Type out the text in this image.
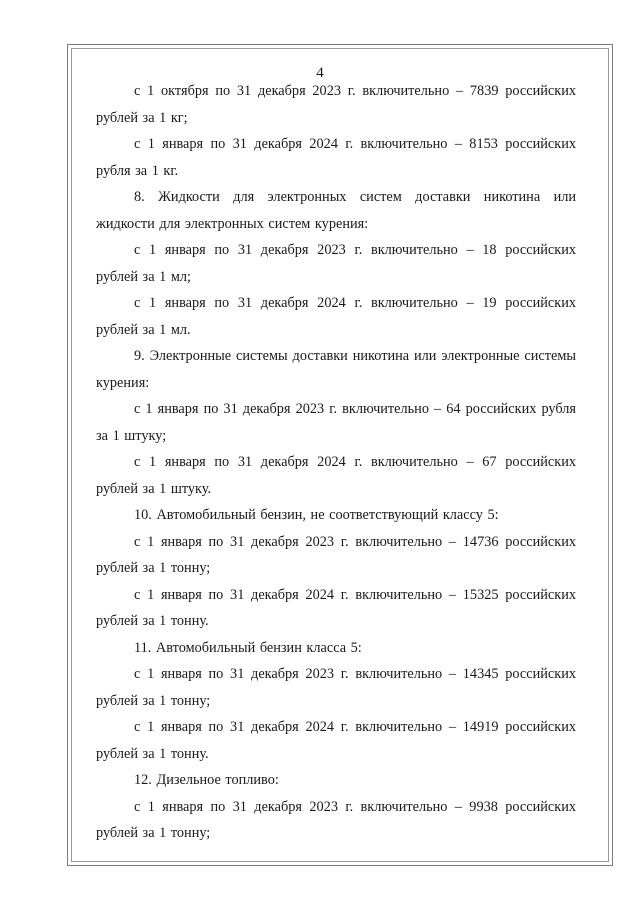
4

с 1 октября по 31 декабря 2023 г. включительно – 7839 российских рублей за 1 кг;

с 1 января по 31 декабря 2024 г. включительно – 8153 российских рубля за 1 кг.

8. Жидкости для электронных систем доставки никотина или жидкости для электронных систем курения:

с 1 января по 31 декабря 2023 г. включительно – 18 российских рублей за 1 мл;

с 1 января по 31 декабря 2024 г. включительно – 19 российских рублей за 1 мл.

9. Электронные системы доставки никотина или электронные системы курения:

с 1 января по 31 декабря 2023 г. включительно – 64 российских рубля за 1 штуку;

с 1 января по 31 декабря 2024 г. включительно – 67 российских рублей за 1 штуку.

10. Автомобильный бензин, не соответствующий классу 5:

с 1 января по 31 декабря 2023 г. включительно – 14736 российских рублей за 1 тонну;

с 1 января по 31 декабря 2024 г. включительно – 15325 российских рублей за 1 тонну.

11. Автомобильный бензин класса 5:

с 1 января по 31 декабря 2023 г. включительно – 14345 российских рублей за 1 тонну;

с 1 января по 31 декабря 2024 г. включительно – 14919 российских рублей за 1 тонну.

12. Дизельное топливо:

с 1 января по 31 декабря 2023 г. включительно – 9938 российских рублей за 1 тонну;
